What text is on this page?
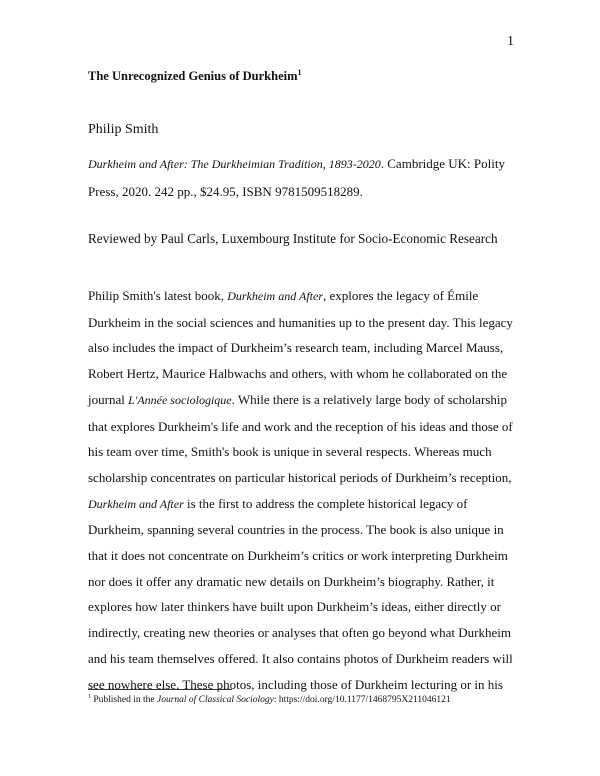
1
The Unrecognized Genius of Durkheim$^1$
Philip Smith
Durkheim and After: The Durkheimian Tradition, 1893-2020. Cambridge UK: Polity Press, 2020. 242 pp., $24.95, ISBN 9781509518289.
Reviewed by Paul Carls, Luxembourg Institute for Socio-Economic Research

Philip Smith's latest book, Durkheim and After, explores the legacy of Émile Durkheim in the social sciences and humanities up to the present day. This legacy also includes the impact of Durkheim’s research team, including Marcel Mauss, Robert Hertz, Maurice Halbwachs and others, with whom he collaborated on the journal L'Année sociologique. While there is a relatively large body of scholarship that explores Durkheim's life and work and the reception of his ideas and those of his team over time, Smith's book is unique in several respects. Whereas much scholarship concentrates on particular historical periods of Durkheim’s reception, Durkheim and After is the first to address the complete historical legacy of Durkheim, spanning several countries in the process. The book is also unique in that it does not concentrate on Durkheim’s critics or work interpreting Durkheim nor does it offer any dramatic new details on Durkheim’s biography. Rather, it explores how later thinkers have built upon Durkheim’s ideas, either directly or indirectly, creating new theories or analyses that often go beyond what Durkheim and his team themselves offered. It also contains photos of Durkheim readers will see nowhere else. These photos, including those of Durkheim lecturing or in his

$^1$ Published in the Journal of Classical Sociology: https://doi.org/10.1177/1468795X211046121
